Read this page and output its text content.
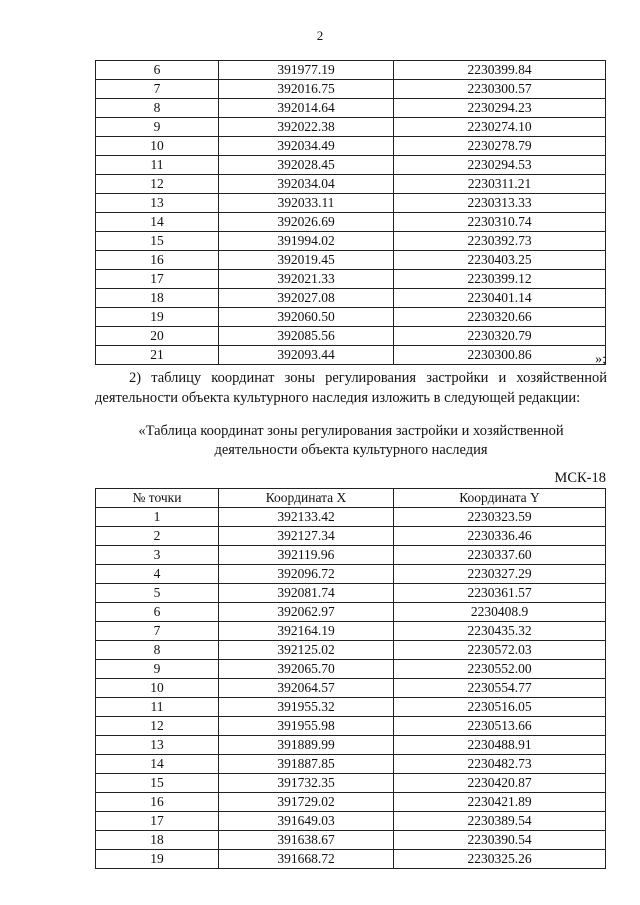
2
6	391977.19	2230399.84
7	392016.75	2230300.57
8	392014.64	2230294.23
9	392022.38	2230274.10
10	392034.49	2230278.79
11	392028.45	2230294.53
12	392034.04	2230311.21
13	392033.11	2230313.33
14	392026.69	2230310.74
15	391994.02	2230392.73
16	392019.45	2230403.25
17	392021.33	2230399.12
18	392027.08	2230401.14
19	392060.50	2230320.66
20	392085.56	2230320.79
21	392093.44	2230300.86	»;
2) таблицу координат зоны регулирования застройки и хозяйственной деятельности объекта культурного наследия изложить в следующей редакции:
«Таблица координат зоны регулирования застройки и хозяйственной
деятельности объекта культурного наследия
МСК-18
№ точки	Координата X	Координата Y
1	392133.42	2230323.59
2	392127.34	2230336.46
3	392119.96	2230337.60
4	392096.72	2230327.29
5	392081.74	2230361.57
6	392062.97	2230408.9
7	392164.19	2230435.32
8	392125.02	2230572.03
9	392065.70	2230552.00
10	392064.57	2230554.77
11	391955.32	2230516.05
12	391955.98	2230513.66
13	391889.99	2230488.91
14	391887.85	2230482.73
15	391732.35	2230420.87
16	391729.02	2230421.89
17	391649.03	2230389.54
18	391638.67	2230390.54
19	391668.72	2230325.26
